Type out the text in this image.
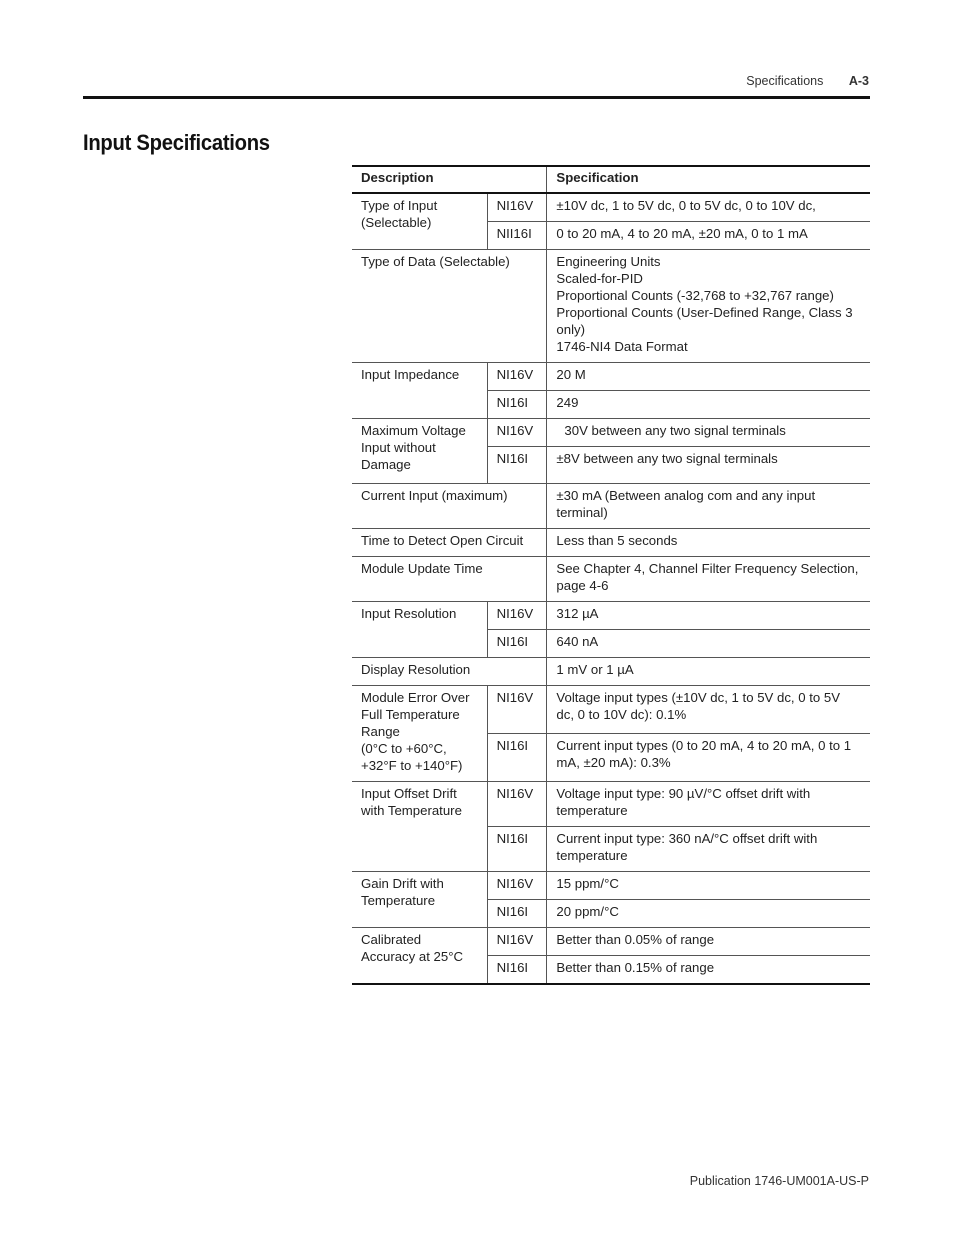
Specifications A-3
Input Specifications
Description		Specification
Type of Input (Selectable)	NI16V	±10V dc, 1 to 5V dc, 0 to 5V dc, 0 to 10V dc,
	NII16I	0 to 20 mA, 4 to 20 mA, ±20 mA, 0 to 1 mA
Type of Data (Selectable)		Engineering Units
Scaled-for-PID
Proportional Counts (-32,768 to +32,767 range)
Proportional Counts (User-Defined Range, Class 3 only)
1746-NI4 Data Format
Input Impedance	NI16V	20 M
	NI16I	249
Maximum Voltage Input without Damage	NI16V	30V between any two signal terminals
	NI16I	±8V between any two signal terminals
Current Input (maximum)		±30 mA (Between analog com and any input terminal)
Time to Detect Open Circuit		Less than 5 seconds
Module Update Time		See Chapter 4, Channel Filter Frequency Selection, page 4-6
Input Resolution	NI16V	312 µA
	NI16I	640 nA
Display Resolution		1 mV or 1 µA
Module Error Over Full Temperature Range
(0°C to +60°C, +32°F to +140°F)	NI16V	Voltage input types (±10V dc, 1 to 5V dc, 0 to 5V dc, 0 to 10V dc): 0.1%
	NI16I	Current input types (0 to 20 mA, 4 to 20 mA, 0 to 1 mA, ±20 mA): 0.3%
Input Offset Drift with Temperature	NI16V	Voltage input type: 90 µV/°C offset drift with temperature
	NI16I	Current input type: 360 nA/°C offset drift with temperature
Gain Drift with Temperature	NI16V	15 ppm/°C
	NI16I	20 ppm/°C
Calibrated Accuracy at 25°C	NI16V	Better than 0.05% of range
	NI16I	Better than 0.15% of range
Publication 1746-UM001A-US-P
